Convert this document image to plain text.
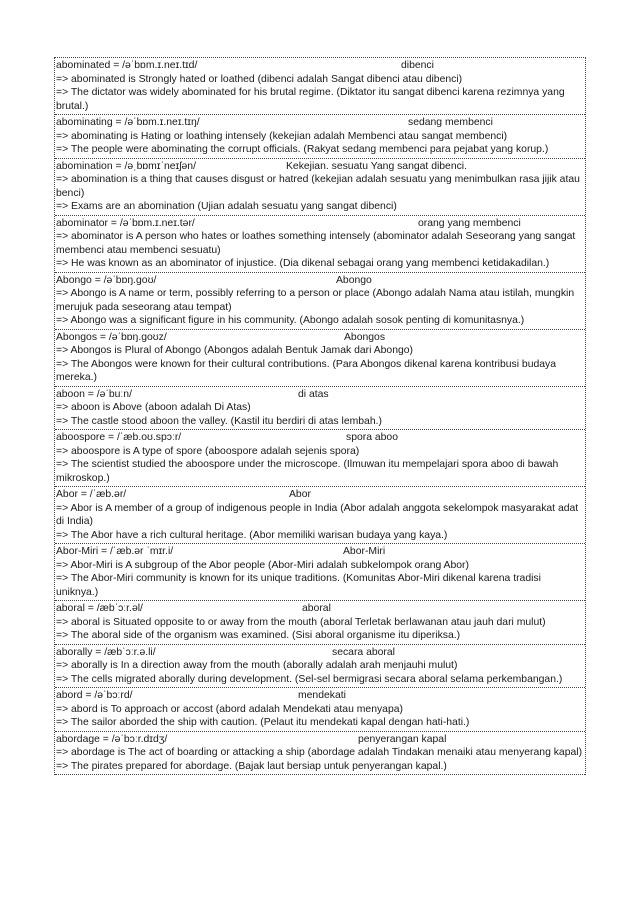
abominated = /əˈbɒm.ɪ.neɪ.tɪd/	dibenci
=> abominated is Strongly hated or loathed (dibenci adalah Sangat dibenci atau dibenci)
=> The dictator was widely abominated for his brutal regime. (Diktator itu sangat dibenci karena rezimnya yang brutal.)
abominating = /əˈbɒm.ɪ.neɪ.tɪŋ/	sedang membenci
=> abominating is Hating or loathing intensely (kekejian adalah Membenci atau sangat membenci)
=> The people were abominating the corrupt officials. (Rakyat sedang membenci para pejabat yang korup.)
abomination = /əˌbɒmɪˈneɪʃən/	Kekejian. sesuatu Yang sangat dibenci.
=> abomination is a thing that causes disgust or hatred (kekejian adalah sesuatu yang menimbulkan rasa jijik atau benci)
=> Exams are an abomination (Ujian adalah sesuatu yang sangat dibenci)
abominator = /əˈbɒm.ɪ.neɪ.tər/	orang yang membenci
=> abominator is A person who hates or loathes something intensely (abominator adalah Seseorang yang sangat membenci atau membenci sesuatu)
=> He was known as an abominator of injustice. (Dia dikenal sebagai orang yang membenci ketidakadilan.)
Abongo = /əˈbɒŋ.ɡoʊ/	Abongo
=> Abongo is A name or term, possibly referring to a person or place (Abongo adalah Nama atau istilah, mungkin merujuk pada seseorang atau tempat)
=> Abongo was a significant figure in his community. (Abongo adalah sosok penting di komunitasnya.)
Abongos = /əˈbɒŋ.ɡoʊz/	Abongos
=> Abongos is Plural of Abongo (Abongos adalah Bentuk Jamak dari Abongo)
=> The Abongos were known for their cultural contributions. (Para Abongos dikenal karena kontribusi budaya mereka.)
aboon = /əˈbuːn/	di atas
=> aboon is Above (aboon adalah Di Atas)
=> The castle stood aboon the valley. (Kastil itu berdiri di atas lembah.)
aboospore = /ˈæb.oʊ.spɔːr/	spora aboo
=> aboospore is A type of spore (aboospore adalah sejenis spora)
=> The scientist studied the aboospore under the microscope. (Ilmuwan itu mempelajari spora aboo di bawah mikroskop.)
Abor = /ˈæb.ər/	Abor
=> Abor is A member of a group of indigenous people in India (Abor adalah anggota sekelompok masyarakat adat di India)
=> The Abor have a rich cultural heritage. (Abor memiliki warisan budaya yang kaya.)
Abor-Miri = /ˈæb.ər ˈmɪr.i/	Abor-Miri
=> Abor-Miri is A subgroup of the Abor people (Abor-Miri adalah subkelompok orang Abor)
=> The Abor-Miri community is known for its unique traditions. (Komunitas Abor-Miri dikenal karena tradisi uniknya.)
aboral = /æbˈɔːr.əl/	aboral
=> aboral is Situated opposite to or away from the mouth (aboral Terletak berlawanan atau jauh dari mulut)
=> The aboral side of the organism was examined. (Sisi aboral organisme itu diperiksa.)
aborally = /æbˈɔːr.ə.li/	secara aboral
=> aborally is In a direction away from the mouth (aborally adalah arah menjauhi mulut)
=> The cells migrated aborally during development. (Sel-sel bermigrasi secara aboral selama perkembangan.)
abord = /əˈbɔːrd/	mendekati
=> abord is To approach or accost (abord adalah Mendekati atau menyapa)
=> The sailor aborded the ship with caution. (Pelaut itu mendekati kapal dengan hati-hati.)
abordage = /əˈbɔːr.dɪdʒ/	penyerangan kapal
=> abordage is The act of boarding or attacking a ship (abordage adalah Tindakan menaiki atau menyerang kapal)
=> The pirates prepared for abordage. (Bajak laut bersiap untuk penyerangan kapal.)
